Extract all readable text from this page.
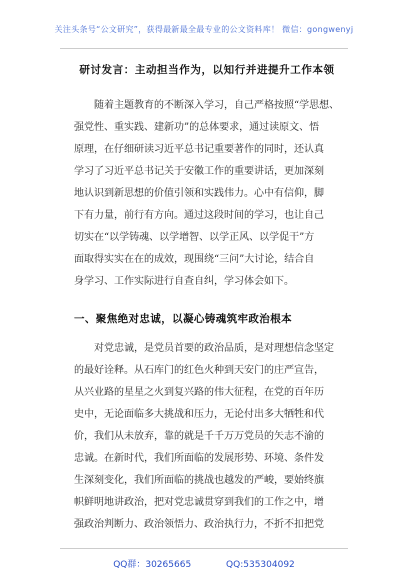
关注头条号“公文研究”，获得最新最全最专业的公文资料库！ 微信：gongwenyj
研讨发言：主动担当作为，以知行并进提升工作本领

随着主题教育的不断深入学习，自己严格按照“学思想、
强党性、重实践、建新功”的总体要求，通过读原文、悟
原理，在仔细研读习近平总书记重要著作的同时，还认真
学习了习近平总书记关于安徽工作的重要讲话，更加深刻
地认识到新思想的价值引领和实践伟力。心中有信仰，脚
下有力量，前行有方向。通过这段时间的学习，也让自己
切实在“以学铸魂、以学增智、以学正风、以学促干”方
面取得实实在在的成效，现围绕“三问”大讨论，结合自
身学习、工作实际进行自查自纠，学习体会如下。

一、聚焦绝对忠诚，以凝心铸魂筑牢政治根本

对党忠诚，是党员首要的政治品质，是对理想信念坚定
的最好诠释。从石库门的红色火种到天安门的庄严宣告，
从兴业路的星星之火到复兴路的伟大征程，在党的百年历
史中，无论面临多大挑战和压力，无论付出多大牺牲和代
价，我们从未放弃，靠的就是千千万万党员的矢志不渝的
忠诚。在新时代，我们所面临的发展形势、环境、条件发
生深刻变化，我们所面临的挑战也越发的严峻，要始终旗
帜鲜明地讲政治，把对党忠诚贯穿到我们的工作之中，增
强政治判断力、政治领悟力、政治执行力，不折不扣把党

QQ群：30265665	QQ:535304092
